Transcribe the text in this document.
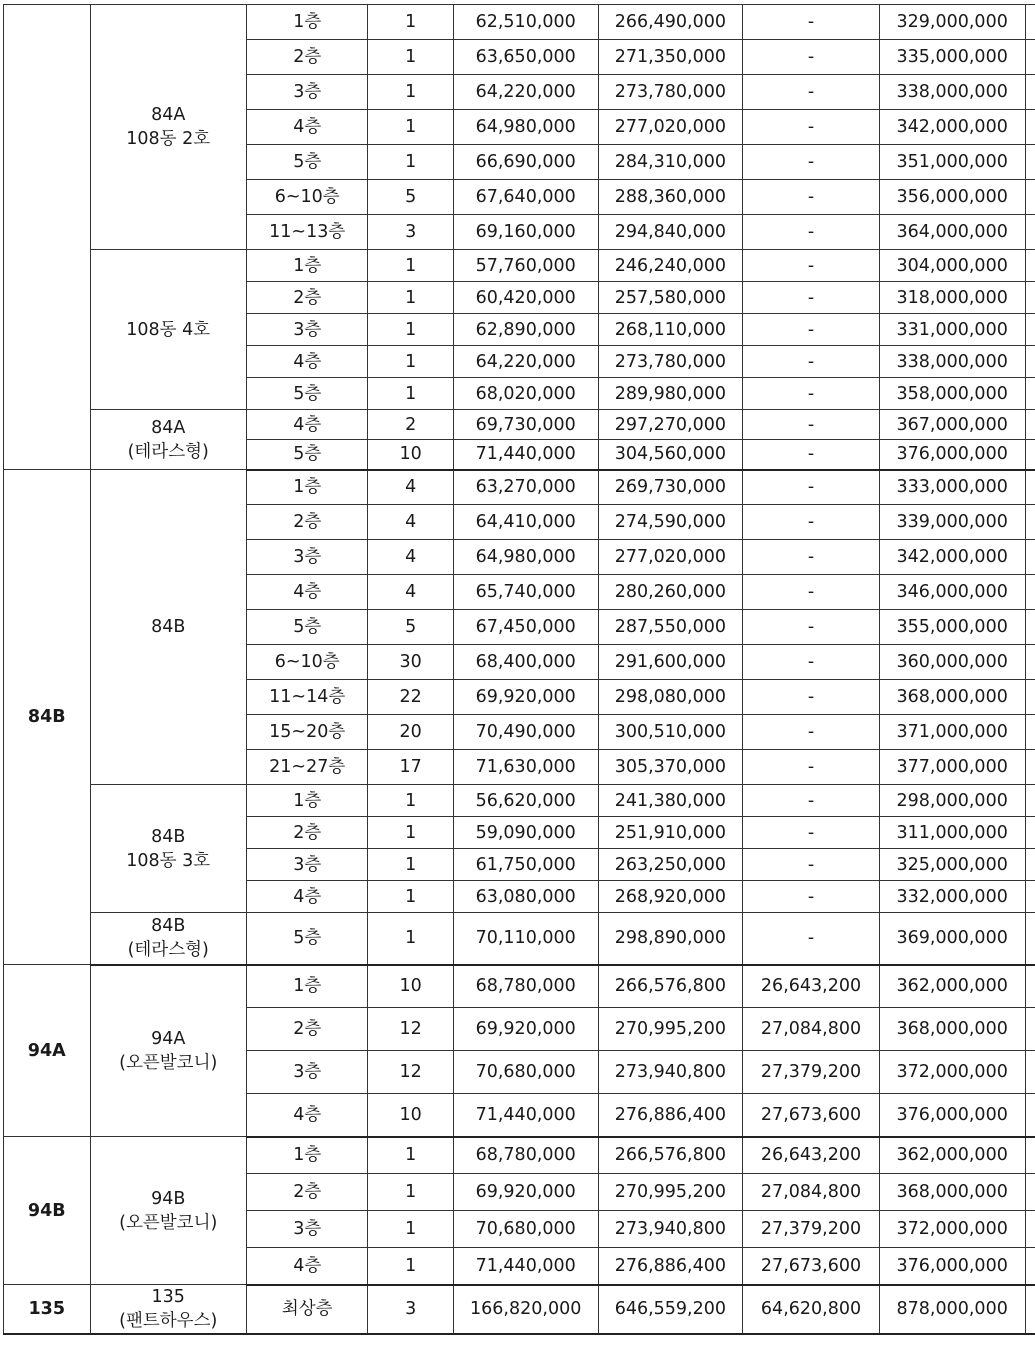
	84A
108동 2호	1층	1	62,510,000	266,490,000	-	329,000,000	
		2층	1	63,650,000	271,350,000	-	335,000,000	
		3층	1	64,220,000	273,780,000	-	338,000,000	
		4층	1	64,980,000	277,020,000	-	342,000,000	
		5층	1	66,690,000	284,310,000	-	351,000,000	
		6~10층	5	67,640,000	288,360,000	-	356,000,000	
		11~13층	3	69,160,000	294,840,000	-	364,000,000	

	108동 4호	1층	1	57,760,000	246,240,000	-	304,000,000	
		2층	1	60,420,000	257,580,000	-	318,000,000	
		3층	1	62,890,000	268,110,000	-	331,000,000	
		4층	1	64,220,000	273,780,000	-	338,000,000	
		5층	1	68,020,000	289,980,000	-	358,000,000	

	84A
(테라스형)	4층	2	69,730,000	297,270,000	-	367,000,000	
		5층	10	71,440,000	304,560,000	-	376,000,000	
84B	84B	1층	4	63,270,000	269,730,000	-	333,000,000	
		2층	4	64,410,000	274,590,000	-	339,000,000	
		3층	4	64,980,000	277,020,000	-	342,000,000	
		4층	4	65,740,000	280,260,000	-	346,000,000	
		5층	5	67,450,000	287,550,000	-	355,000,000	
		6~10층	30	68,400,000	291,600,000	-	360,000,000	
		11~14층	22	69,920,000	298,080,000	-	368,000,000	
		15~20층	20	70,490,000	300,510,000	-	371,000,000	
		21~27층	17	71,630,000	305,370,000	-	377,000,000	

	84B
108동 3호	1층	1	56,620,000	241,380,000	-	298,000,000	
		2층	1	59,090,000	251,910,000	-	311,000,000	
		3층	1	61,750,000	263,250,000	-	325,000,000	
		4층	1	63,080,000	268,920,000	-	332,000,000	

	84B
(테라스형)	5층	1	70,110,000	298,890,000	-	369,000,000	
94A	94A
(오픈발코니)	1층	10	68,780,000	266,576,800	26,643,200	362,000,000	
		2층	12	69,920,000	270,995,200	27,084,800	368,000,000	
		3층	12	70,680,000	273,940,800	27,379,200	372,000,000	
		4층	10	71,440,000	276,886,400	27,673,600	376,000,000	
94B	94B
(오픈발코니)	1층	1	68,780,000	266,576,800	26,643,200	362,000,000	
		2층	1	69,920,000	270,995,200	27,084,800	368,000,000	
		3층	1	70,680,000	273,940,800	27,379,200	372,000,000	
		4층	1	71,440,000	276,886,400	27,673,600	376,000,000	
135	135
(팬트하우스)	최상층	3	166,820,000	646,559,200	64,620,800	878,000,000	
